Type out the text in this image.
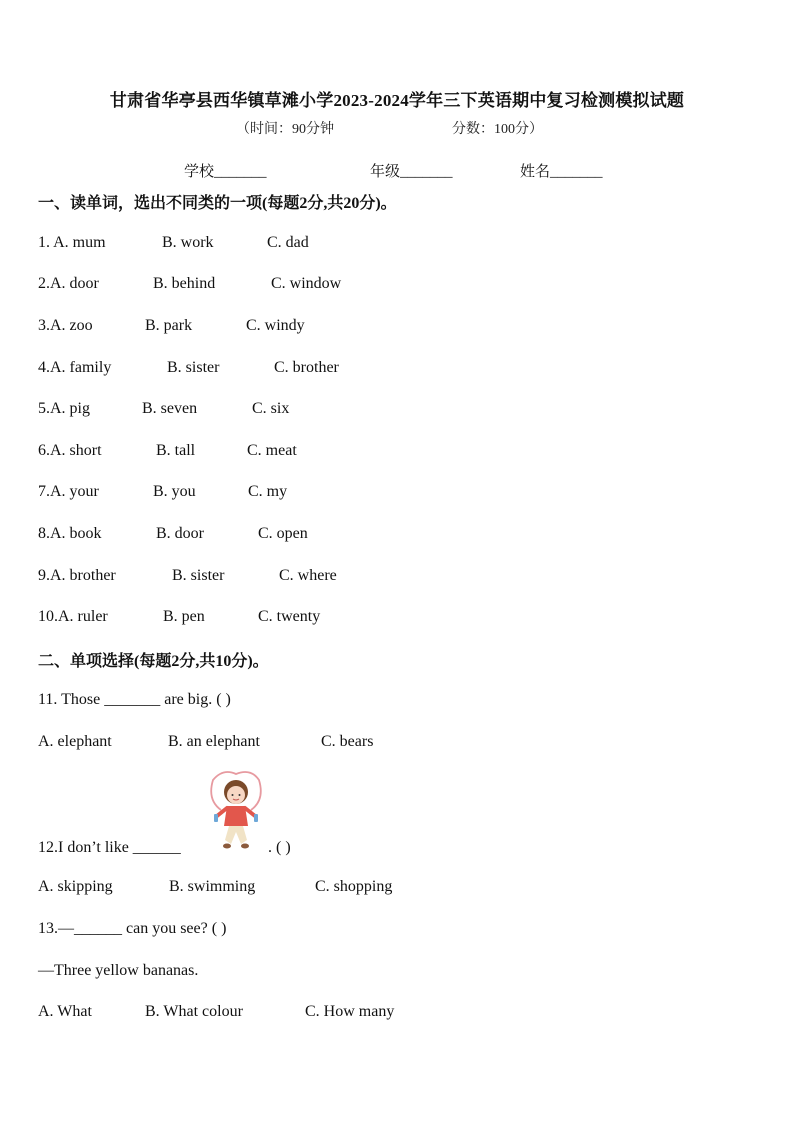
甘肃省华亭县西华镇草滩小学2023-2024学年三下英语期中复习检测模拟试题
（时间：90分钟	分数：100分）
学校_______	年级_______	姓名_______
一、读单词，选出不同类的一项(每题2分,共20分)。
1. A. mum	B. work	C. dad
2.A. door	B. behind	C. window
3.A. zoo	B. park	C. windy
4.A. family	B. sister	C. brother
5.A. pig	B. seven	C. six
6.A. short	B. tall	C. meat
7.A. your	B. you	C. my
8.A. book	B. door	C. open
9.A. brother	B. sister	C. where
10.A. ruler	B. pen	C. twenty
二、单项选择(每题2分,共10分)。
11. Those _______ are big. ( )
A. elephant	B. an elephant	C. bears
12.I don’t like ______	. ( )
A. skipping	B. swimming	C. shopping
13.—______ can you see? ( )
—Three yellow bananas.
A. What	B. What colour	C. How many
